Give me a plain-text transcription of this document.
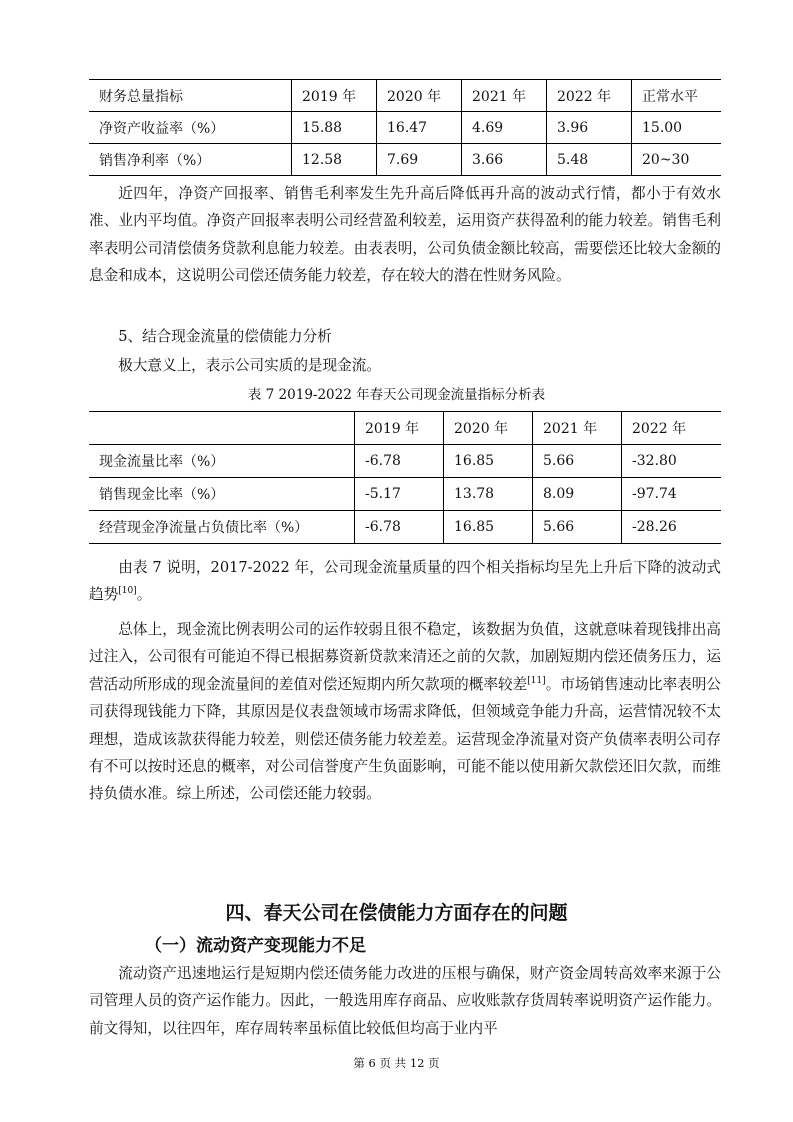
财务总量指标	2019 年	2020 年	2021 年	2022 年	正常水平
净资产收益率（%）	15.88	16.47	4.69	3.96	15.00
销售净利率（%）	12.58	7.69	3.66	5.48	20~30

近四年，净资产回报率、销售毛利率发生先升高后降低再升高的波动式行情，都小于有效水准、业内平均值。净资产回报率表明公司经营盈利较差，运用资产获得盈利的能力较差。销售毛利率表明公司清偿债务贷款利息能力较差。由表表明，公司负债金额比较高，需要偿还比较大金额的息金和成本，这说明公司偿还债务能力较差，存在较大的潜在性财务风险。

5、结合现金流量的偿债能力分析

极大意义上，表示公司实质的是现金流。

表 7 2019-2022 年春天公司现金流量指标分析表

	2019 年	2020 年	2021 年	2022 年
现金流量比率（%）	-6.78	16.85	5.66	-32.80
销售现金比率（%）	-5.17	13.78	8.09	-97.74
经营现金净流量占负债比率（%）	-6.78	16.85	5.66	-28.26

由表 7 说明，2017-2022 年，公司现金流量质量的四个相关指标均呈先上升后下降的波动式趋势[10]。

总体上，现金流比例表明公司的运作较弱且很不稳定，该数据为负值，这就意味着现钱排出高过注入，公司很有可能迫不得已根据募资新贷款来清还之前的欠款，加剧短期内偿还债务压力，运营活动所形成的现金流量间的差值对偿还短期内所欠款项的概率较差[11]。市场销售速动比率表明公司获得现钱能力下降，其原因是仪表盘领域市场需求降低，但领域竞争能力升高，运营情况较不太理想，造成该款获得能力较差，则偿还债务能力较差差。运营现金净流量对资产负债率表明公司存有不可以按时还息的概率，对公司信誉度产生负面影响，可能不能以使用新欠款偿还旧欠款，而维持负债水准。综上所述，公司偿还能力较弱。

四、春天公司在偿债能力方面存在的问题

（一）流动资产变现能力不足

流动资产迅速地运行是短期内偿还债务能力改进的压根与确保，财产资金周转高效率来源于公司管理人员的资产运作能力。因此，一般选用库存商品、应收账款存货周转率说明资产运作能力。前文得知，以往四年，库存周转率虽标值比较低但均高于业内平

第 6 页 共 12 页
